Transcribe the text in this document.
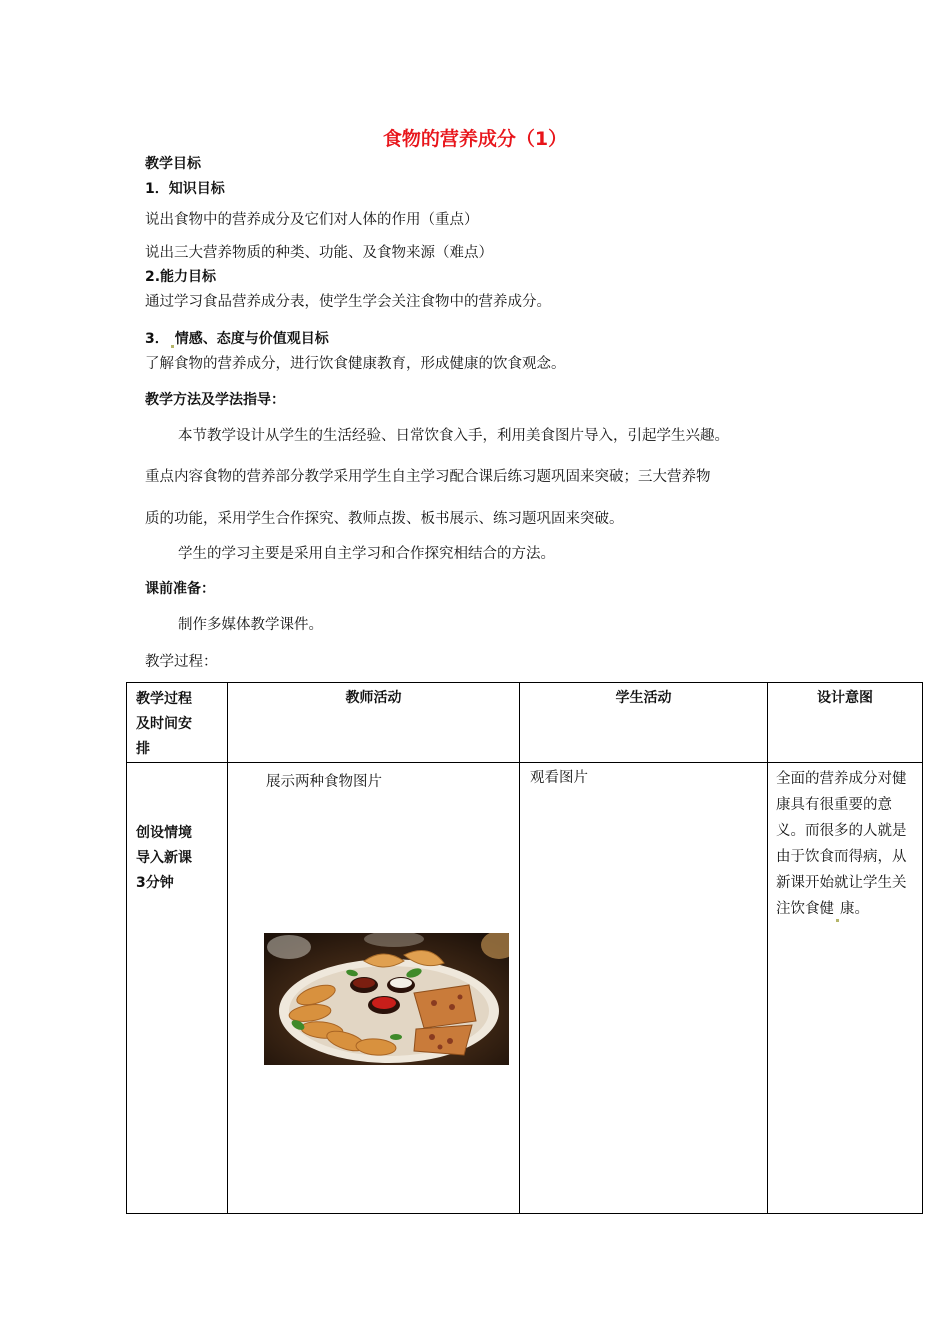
食物的营养成分（1）
教学目标
1．知识目标
说出食物中的营养成分及它们对人体的作用（重点）
说出三大营养物质的种类、功能、及食物来源（难点）
2.能力目标
通过学习食品营养成分表，使学生学会关注食物中的营养成分。
3． 情感、态度与价值观目标
了解食物的营养成分，进行饮食健康教育，形成健康的饮食观念。
教学方法及学法指导：
本节教学设计从学生的生活经验、日常饮食入手，利用美食图片导入，引起学生兴趣。
重点内容食物的营养部分教学采用学生自主学习配合课后练习题巩固来突破；三大营养物
质的功能，采用学生合作探究、教师点拨、板书展示、练习题巩固来突破。
学生的学习主要是采用自主学习和合作探究相结合的方法。
课前准备：
制作多媒体教学课件。
教学过程：
教学过程
及时间安
排	教师活动	学生活动	设计意图

创设情境
导入新课
3分钟	展示两种食物图片	观看图片	全面的营养成分对健康具有很重要的意义。而很多的人就是由于饮食而得病，从新课开始就让学生关注饮食健 康。
